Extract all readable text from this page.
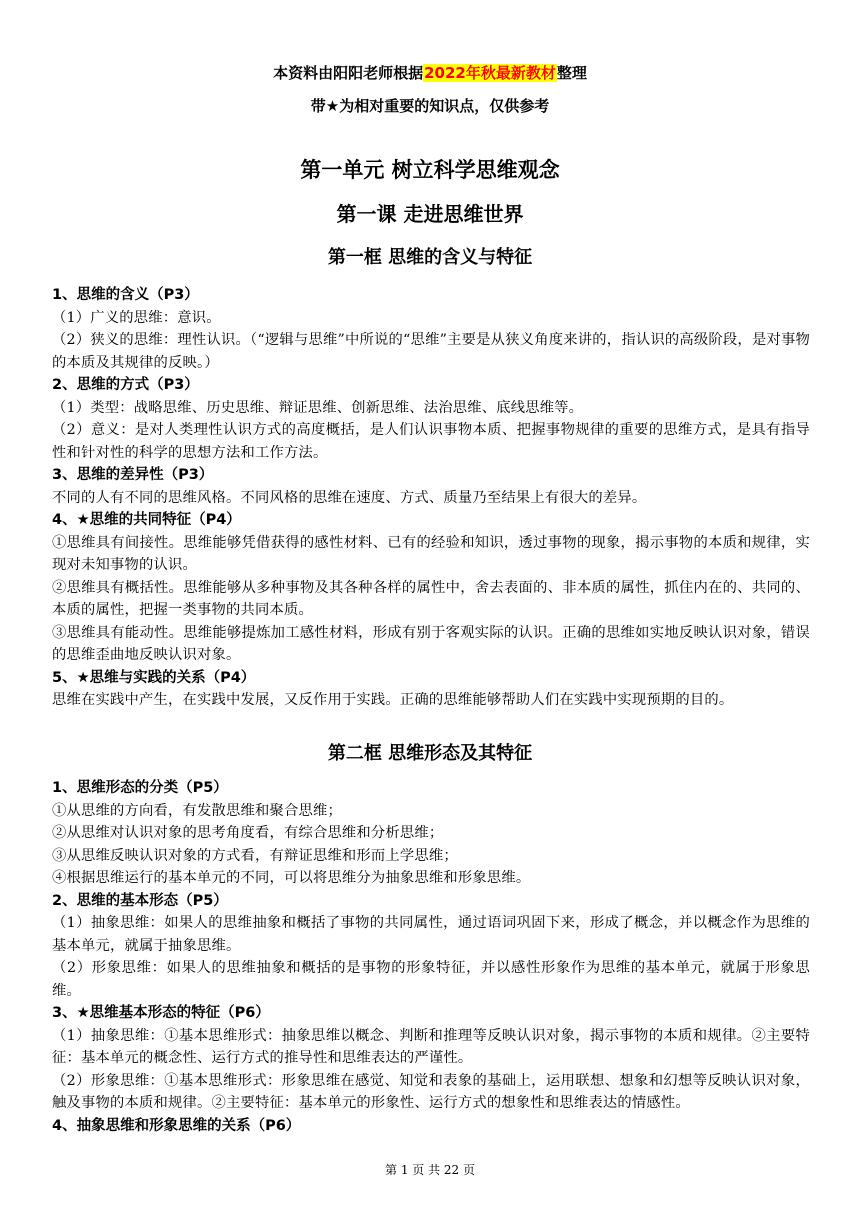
本资料由阳阳老师根据2022年秋最新教材整理
带★为相对重要的知识点，仅供参考
第一单元 树立科学思维观念
第一课 走进思维世界
第一框 思维的含义与特征

1、思维的含义（P3）

（1）广义的思维：意识。

（2）狭义的思维：理性认识。（“逻辑与思维”中所说的“思维”主要是从狭义角度来讲的，指认识的高级阶段，是对事物的本质及其规律的反映。）

2、思维的方式（P3）

（1）类型：战略思维、历史思维、辩证思维、创新思维、法治思维、底线思维等。

（2）意义：是对人类理性认识方式的高度概括，是人们认识事物本质、把握事物规律的重要的思维方式，是具有指导性和针对性的科学的思想方法和工作方法。

3、思维的差异性（P3）

不同的人有不同的思维风格。不同风格的思维在速度、方式、质量乃至结果上有很大的差异。

4、★思维的共同特征（P4）

①思维具有间接性。思维能够凭借获得的感性材料、已有的经验和知识，透过事物的现象，揭示事物的本质和规律，实现对未知事物的认识。

②思维具有概括性。思维能够从多种事物及其各种各样的属性中，舍去表面的、非本质的属性，抓住内在的、共同的、本质的属性，把握一类事物的共同本质。

③思维具有能动性。思维能够提炼加工感性材料，形成有别于客观实际的认识。正确的思维如实地反映认识对象，错误的思维歪曲地反映认识对象。

5、★思维与实践的关系（P4）

思维在实践中产生，在实践中发展，又反作用于实践。正确的思维能够帮助人们在实践中实现预期的目的。

第二框 思维形态及其特征

1、思维形态的分类（P5）

①从思维的方向看，有发散思维和聚合思维；

②从思维对认识对象的思考角度看，有综合思维和分析思维；

③从思维反映认识对象的方式看，有辩证思维和形而上学思维；

④根据思维运行的基本单元的不同，可以将思维分为抽象思维和形象思维。

2、思维的基本形态（P5）

（1）抽象思维：如果人的思维抽象和概括了事物的共同属性，通过语词巩固下来，形成了概念，并以概念作为思维的基本单元，就属于抽象思维。

（2）形象思维：如果人的思维抽象和概括的是事物的形象特征，并以感性形象作为思维的基本单元，就属于形象思维。

3、★思维基本形态的特征（P6）

（1）抽象思维：①基本思维形式：抽象思维以概念、判断和推理等反映认识对象，揭示事物的本质和规律。②主要特征：基本单元的概念性、运行方式的推导性和思维表达的严谨性。

（2）形象思维：①基本思维形式：形象思维在感觉、知觉和表象的基础上，运用联想、想象和幻想等反映认识对象，触及事物的本质和规律。②主要特征：基本单元的形象性、运行方式的想象性和思维表达的情感性。

4、抽象思维和形象思维的关系（P6）

第 1 页 共 22 页
